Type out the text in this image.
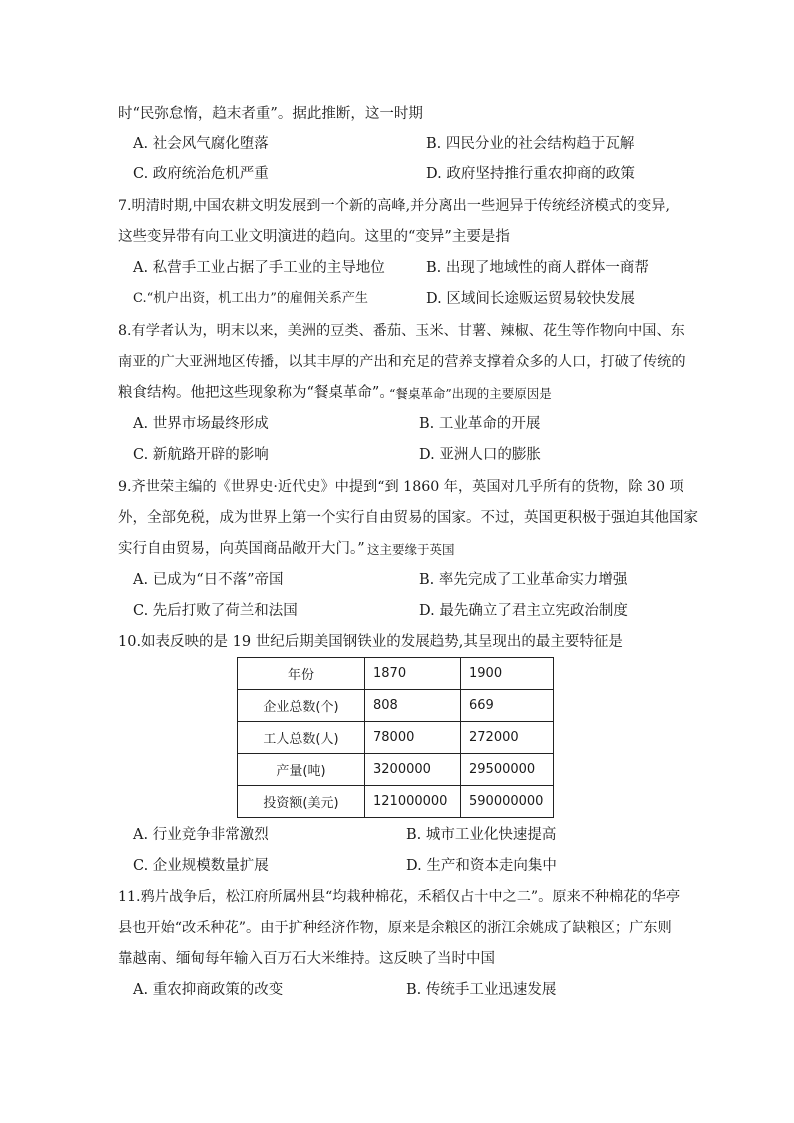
时“民弥怠惰，趋末者重”。据此推断，这一时期
A. 社会风气腐化堕落	B. 四民分业的社会结构趋于瓦解
C. 政府统治危机严重	D. 政府坚持推行重农抑商的政策
7.明清时期,中国农耕文明发展到一个新的高峰,并分离出一些迥异于传统经济模式的变异,
这些变异带有向工业文明演进的趋向。这里的“变异”主要是指
A. 私营手工业占据了手工业的主导地位	B. 出现了地域性的商人群体一商帮
C.“机户出资，机工出力”的雇佣关系产生	D. 区域间长途贩运贸易较快发展
8.有学者认为，明末以来，美洲的豆类、番茄、玉米、甘薯、辣椒、花生等作物向中国、东
南亚的广大亚洲地区传播，以其丰厚的产出和充足的营养支撑着众多的人口，打破了传统的
粮食结构。他把这些现象称为“餐桌革命”。
“餐桌革命”出现的主要原因是
A. 世界市场最终形成	B. 工业革命的开展
C. 新航路开辟的影响	D. 亚洲人口的膨胀
9.齐世荣主编的《世界史·近代史》中提到“到 1860 年，英国对几乎所有的货物，除 30 项
外，全部免税，成为世界上第一个实行自由贸易的国家。不过，英国更积极于强迫其他国家
实行自由贸易，向英国商品敞开大门。” 这主要缘于英国
A. 已成为“日不落”帝国	B. 率先完成了工业革命实力增强
C. 先后打败了荷兰和法国	D. 最先确立了君主立宪政治制度
10.如表反映的是 19 世纪后期美国钢铁业的发展趋势,其呈现出的最主要特征是
年份	1870	1900
企业总数(个)	808	669
工人总数(人)	78000	272000
产量(吨)	3200000	29500000
投资额(美元)	121000000	590000000
A. 行业竞争非常激烈	B. 城市工业化快速提高
C. 企业规模数量扩展	D. 生产和资本走向集中
11.鸦片战争后，松江府所属州县“均栽种棉花，禾稻仅占十中之二”。原来不种棉花的华亭
县也开始“改禾种花”。由于扩种经济作物，原来是余粮区的浙江余姚成了缺粮区；广东则
靠越南、缅甸每年输入百万石大米维持。这反映了当时中国
A. 重农抑商政策的改变	B. 传统手工业迅速发展
